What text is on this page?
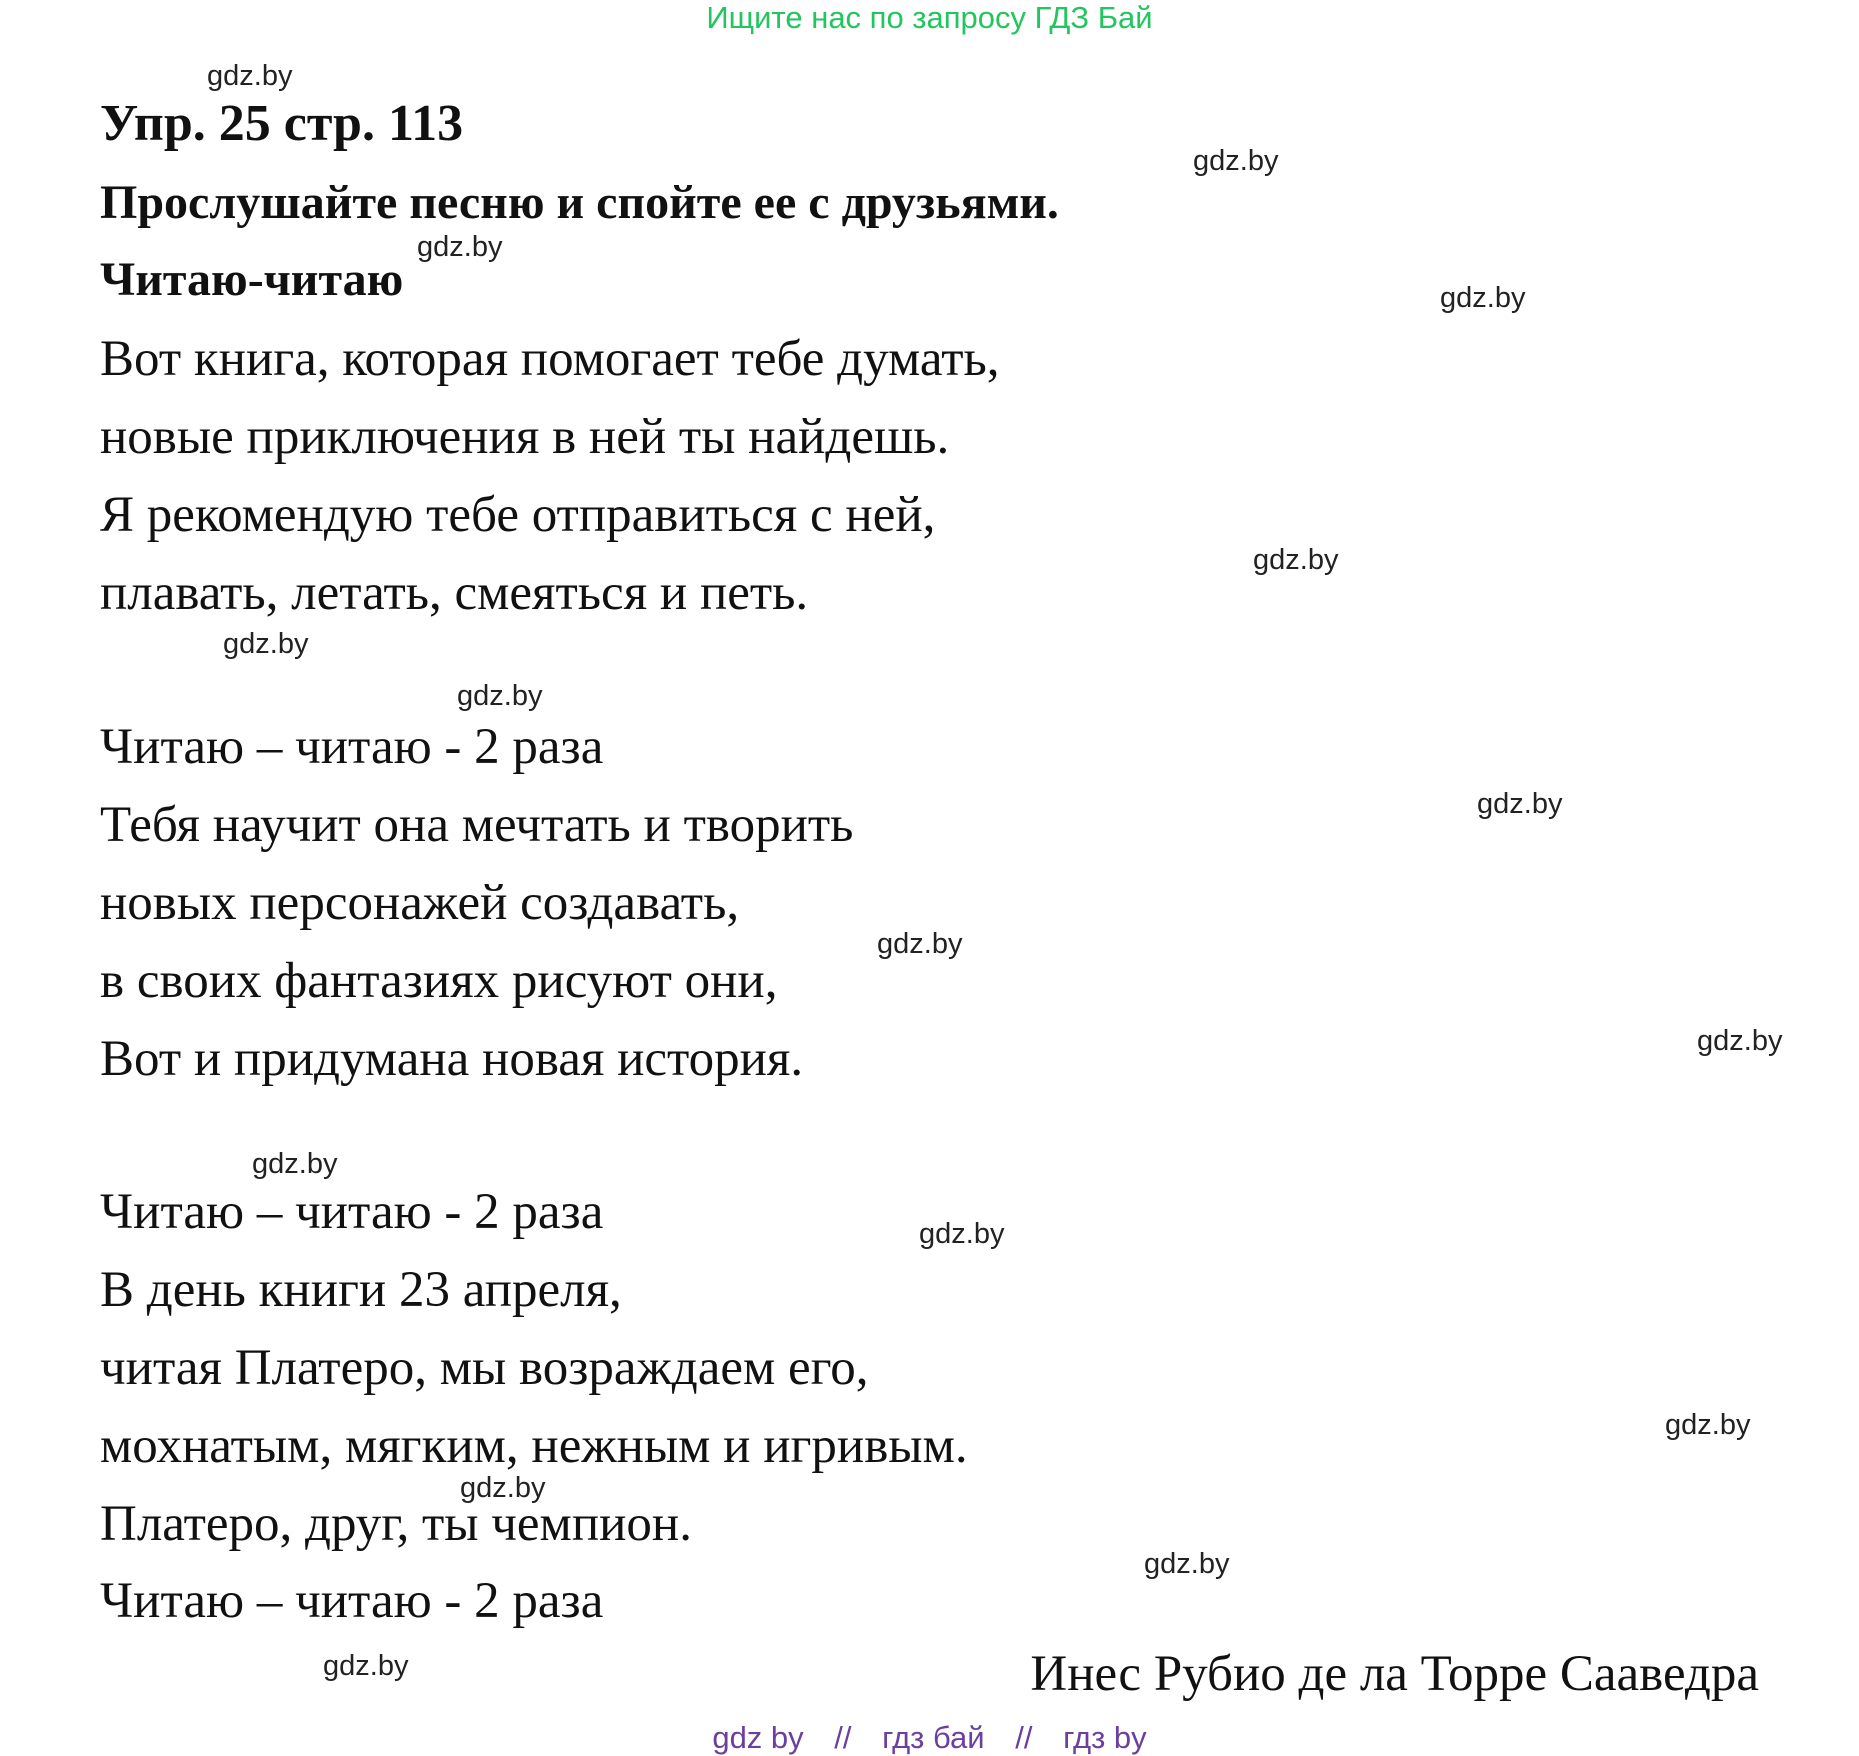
Ищите нас по запросу ГДЗ Бай
gdz.by
gdz.by
gdz.by
gdz.by
gdz.by
gdz.by
gdz.by
gdz.by
gdz.by
gdz.by
gdz.by
gdz.by
gdz.by
gdz.by
gdz.by
gdz.by
Упр. 25 стр. 113
Прослушайте песню и спойте ее с друзьями.
Читаю-читаю
Вот книга, которая помогает тебе думать,
новые приключения в ней ты найдешь.
Я рекомендую тебе отправиться с ней,
плавать, летать, смеяться и петь.
Читаю – читаю - 2 раза
Тебя научит она мечтать и творить
новых персонажей создавать,
в своих фантазиях рисуют они,
Вот и придумана новая история.
Читаю – читаю - 2 раза
В день книги 23 апреля,
читая Платеро, мы возраждаем его,
мохнатым, мягким, нежным и игривым.
Платеро, друг, ты чемпион.
Читаю – читаю - 2 раза
Инес Рубио де ла Торре Сааведра
gdz by // гдз бай // гдз by
